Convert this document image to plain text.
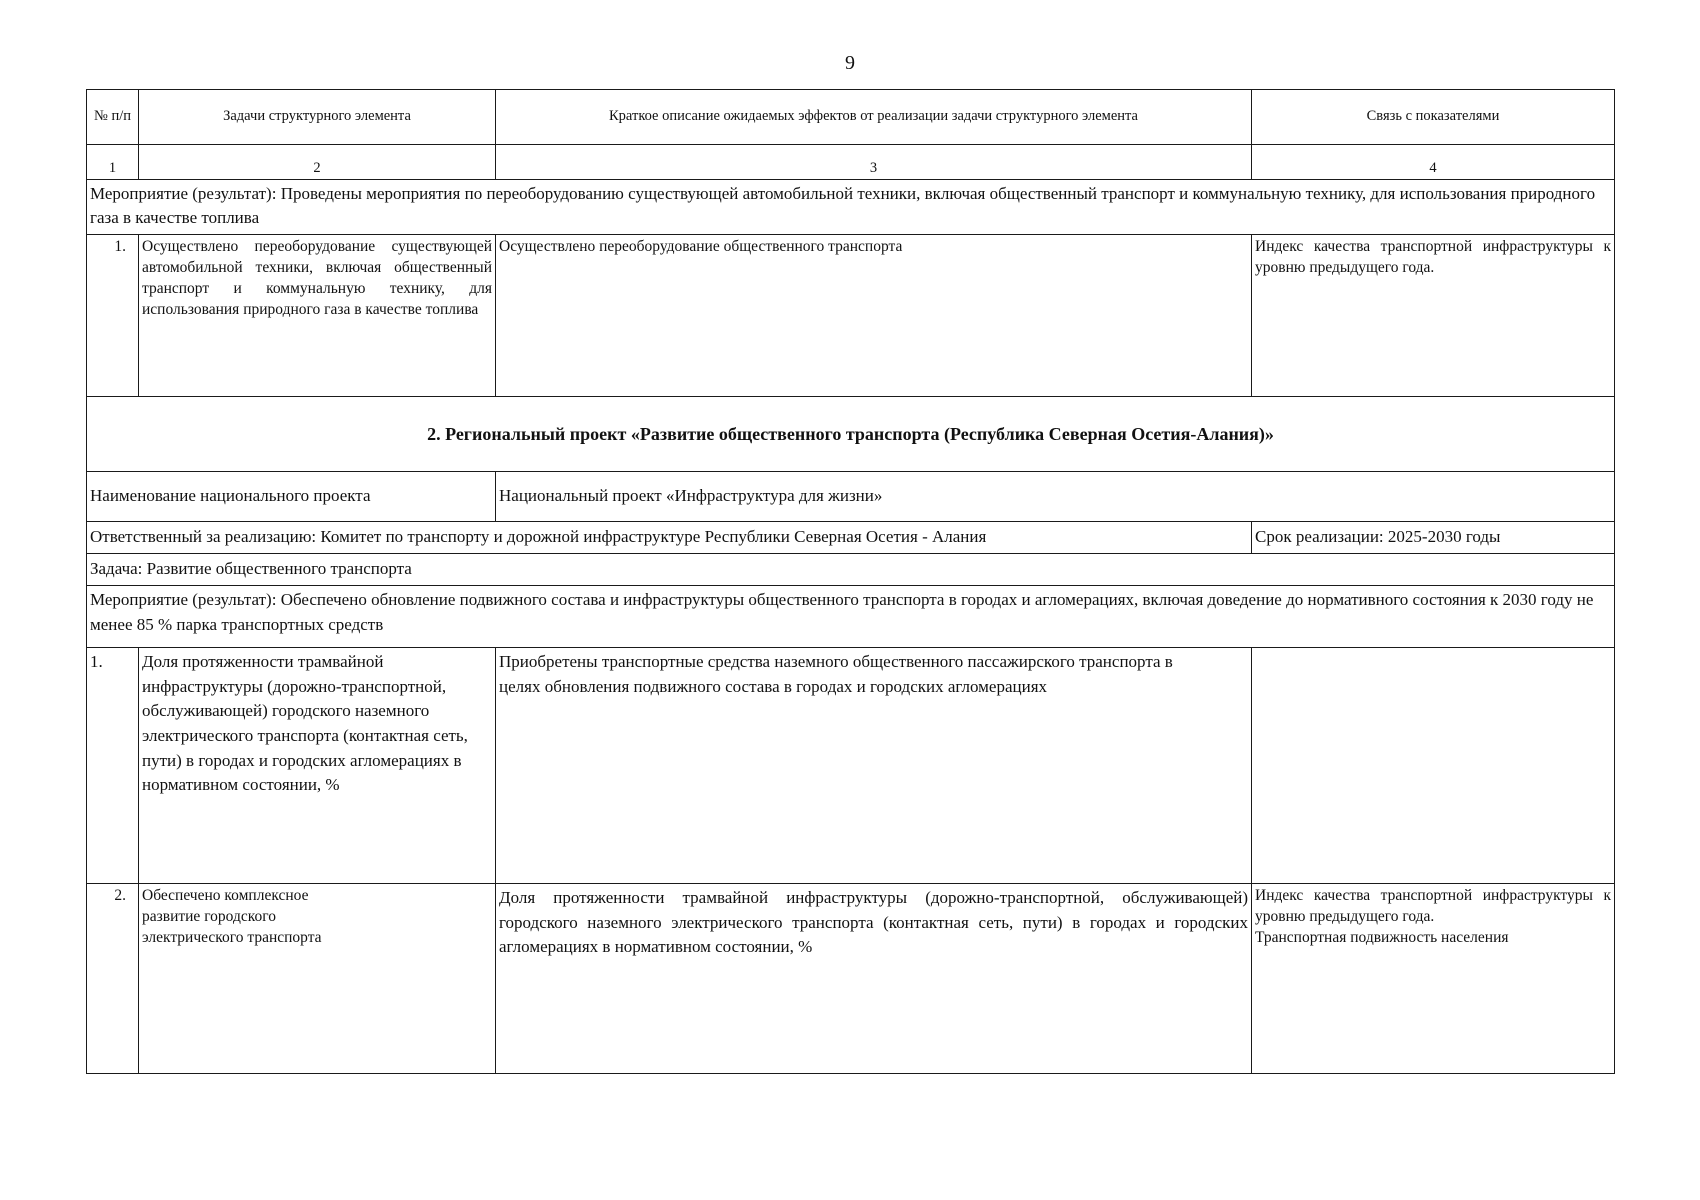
9
№ п/п	Задачи структурного элемента	Краткое описание ожидаемых эффектов от реализации задачи структурного элемента	Связь с показателями
1	2	3	4
Мероприятие (результат): Проведены мероприятия по переоборудованию существующей автомобильной техники, включая общественный транспорт и коммунальную технику, для использования природного газа в качестве топлива			
1.	Осуществлено переоборудование существующей автомобильной техники, включая общественный транспорт и коммунальную технику, для использования природного газа в качестве топлива	Осуществлено переоборудование общественного транспорта	Индекс качества транспортной инфраструктуры к уровню предыдущего года.
2. Региональный проект «Развитие общественного транспорта (Республика Северная Осетия-Алания)»			
Наименование национального проекта		Национальный проект «Инфраструктура для жизни»	
Ответственный за реализацию: Комитет по транспорту и дорожной инфраструктуре Республики Северная Осетия - Алания			Срок реализации: 2025-2030 годы
Задача: Развитие общественного транспорта			
Мероприятие (результат): Обеспечено обновление подвижного состава и инфраструктуры общественного транспорта в городах и агломерациях, включая доведение до нормативного состояния к 2030 году не менее 85 % парка транспортных средств			
1.	Доля протяженности трамвайной инфраструктуры (дорожно-транспортной, обслуживающей) городского наземного электрического транспорта (контактная сеть, пути) в городах и городских агломерациях в нормативном состоянии, %	Приобретены транспортные средства наземного общественного пассажирского транспорта в целях обновления подвижного состава в городах и городских агломерациях	
2.	Обеспечено комплексное развитие городского электрического транспорта	Доля протяженности трамвайной инфраструктуры (дорожно-транспортной, обслуживающей) городского наземного электрического транспорта (контактная сеть, пути) в городах и городских агломерациях в нормативном состоянии, %	Индекс качества транспортной инфраструктуры к уровню предыдущего года.
Транспортная подвижность населения
